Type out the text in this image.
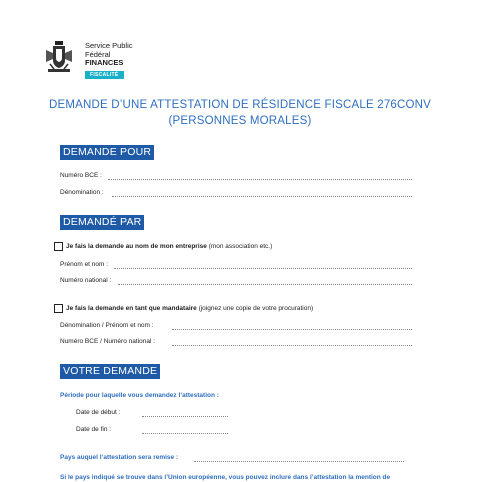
Service Public
Fédéral
FINANCES
FISCALITÉ
DEMANDE D’UNE ATTESTATION DE RÉSIDENCE FISCALE 276CONV
(PERSONNES MORALES)
DEMANDE POUR
Numéro BCE :
Dénomination :
DEMANDÉ PAR
Je fais la demande au nom de mon entreprise (mon association etc.)
Prénom et nom :
Numéro national :
Je fais la demande en tant que mandataire (joignez une copie de votre procuration)
Dénomination / Prénom et nom :
Numéro BCE / Numéro national :
VOTRE DEMANDE
Période pour laquelle vous demandez l’attestation :
Date de début :
Date de fin :
Pays auquel l’attestation sera remise :
Si le pays indiqué se trouve dans l’Union européenne, vous pouvez inclure dans l’attestation la mention de
